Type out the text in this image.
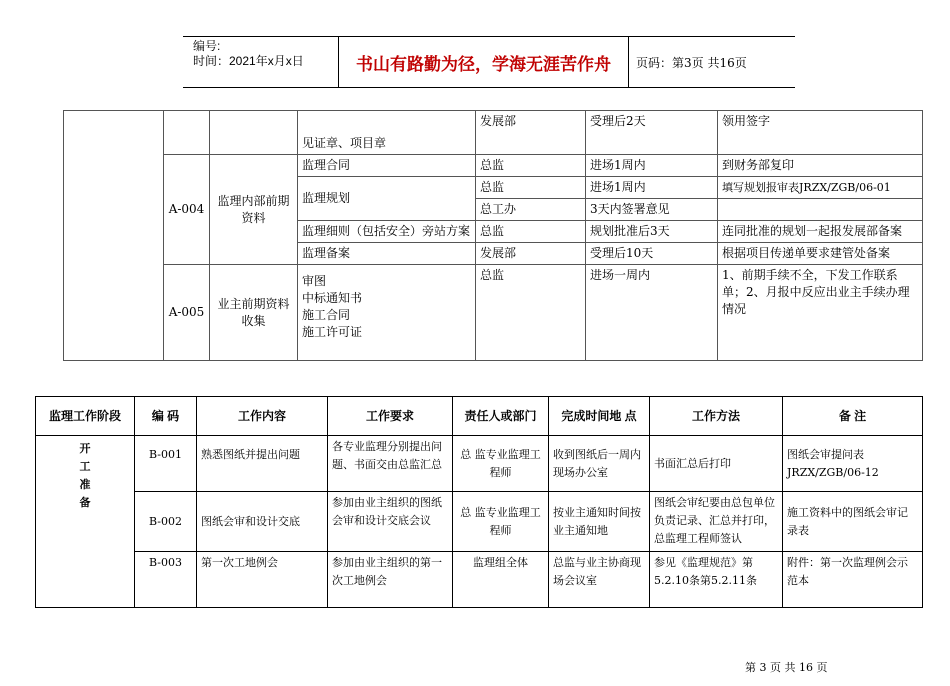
编号:
时间：2021年x月x日	书山有路勤为径，学海无涯苦作舟	页码：第3页 共16页
			见证章、项目章	发展部	受理后2天	领用签字
	A-004	监理内部前期资料	监理合同	总监	进场1周内	到财务部复印
			监理规划	总监	进场1周内	填写规划报审表JRZX/ZGB/06-01
				总工办	3天内签署意见	
			监理细则（包括安全）旁站方案	总监	规划批准后3天	连同批准的规划一起报发展部备案
			监理备案	发展部	受理后10天	根据项目传递单要求建管处备案
	A-005	业主前期资料收集	审图
中标通知书
施工合同
施工许可证	总监	进场一周内	1、前期手续不全，下发工作联系单；2、月报中反应出业主手续办理情况
监理工作阶段	编 码	工作内容	工作要求	责任人或部门	完成时间地 点	工作方法	备 注

开工准备	B-001	熟悉图纸并提出问题	各专业监理分别提出问题、书面交由总监汇总	总 监专业监理工程师	收到图纸后一周内现场办公室	书面汇总后打印	图纸会审提问表JRZX/ZGB/06-12
	B-002	图纸会审和设计交底	参加由业主组织的图纸会审和设计交底会议	总 监专业监理工程师	按业主通知时间按业主通知地	图纸会审纪要由总包单位负责记录、汇总并打印，总监理工程师签认	施工资料中的图纸会审记录表
	B-003	第一次工地例会	参加由业主组织的第一次工地例会	监理组全体	总监与业主协商现场会议室	参见《监理规范》第5.2.10条第5.2.11条	附件：第一次监理例会示范本
第 3 页 共 16 页
